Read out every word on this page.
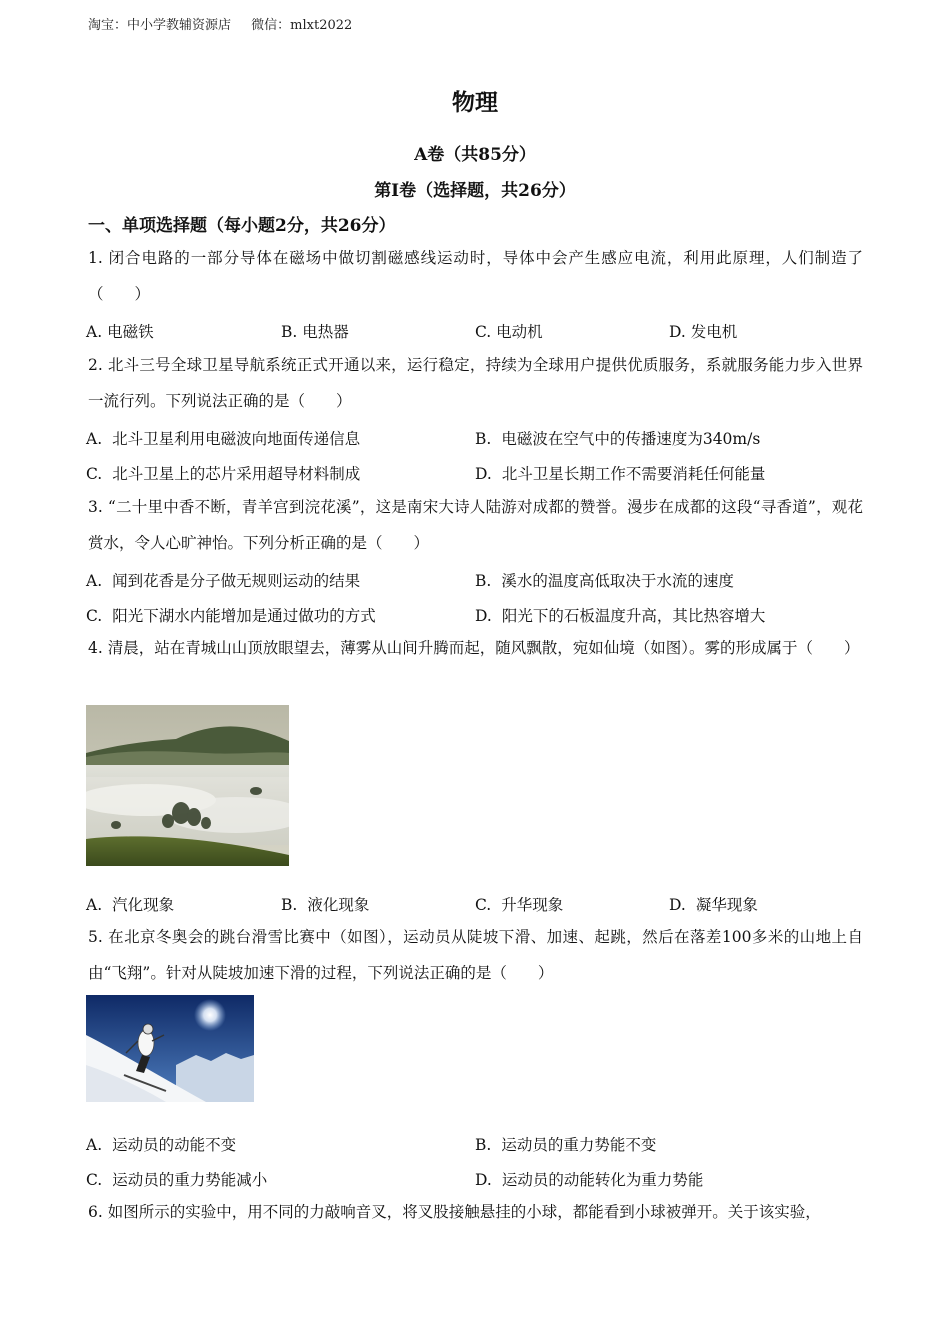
淘宝：中小学教辅资源店 微信：mlxt2022
物理
A卷（共85分）
第Ⅰ卷（选择题，共26分）
一、单项选择题（每小题2分，共26分）
1. 闭合电路的一部分导体在磁场中做切割磁感线运动时，导体中会产生感应电流，利用此原理，人们制造了（　　）
A. 电磁铁	B. 电热器	C. 电动机	D. 发电机
2. 北斗三号全球卫星导航系统正式开通以来，运行稳定，持续为全球用户提供优质服务，系就服务能力步入世界一流行列。下列说法正确的是（　　）
A. 北斗卫星利用电磁波向地面传递信息	B. 电磁波在空气中的传播速度为340m/s
C. 北斗卫星上的芯片采用超导材料制成	D. 北斗卫星长期工作不需要消耗任何能量
3. “二十里中香不断，青羊宫到浣花溪”，这是南宋大诗人陆游对成都的赞誉。漫步在成都的这段“寻香道”，观花赏水，令人心旷神怡。下列分析正确的是（　　）
A. 闻到花香是分子做无规则运动的结果	B. 溪水的温度高低取决于水流的速度
C. 阳光下湖水内能增加是通过做功的方式	D. 阳光下的石板温度升高，其比热容增大
4. 清晨，站在青城山山顶放眼望去，薄雾从山间升腾而起，随风飘散，宛如仙境（如图）。雾的形成属于（　　）
A. 汽化现象	B. 液化现象	C. 升华现象	D. 凝华现象
5. 在北京冬奥会的跳台滑雪比赛中（如图），运动员从陡坡下滑、加速、起跳，然后在落差100多米的山地上自由“飞翔”。针对从陡坡加速下滑的过程，下列说法正确的是（　　）
A. 运动员的动能不变	B. 运动员的重力势能不变
C. 运动员的重力势能减小	D. 运动员的动能转化为重力势能
6. 如图所示的实验中，用不同的力敲响音叉，将叉股接触悬挂的小球，都能看到小球被弹开。关于该实验，
